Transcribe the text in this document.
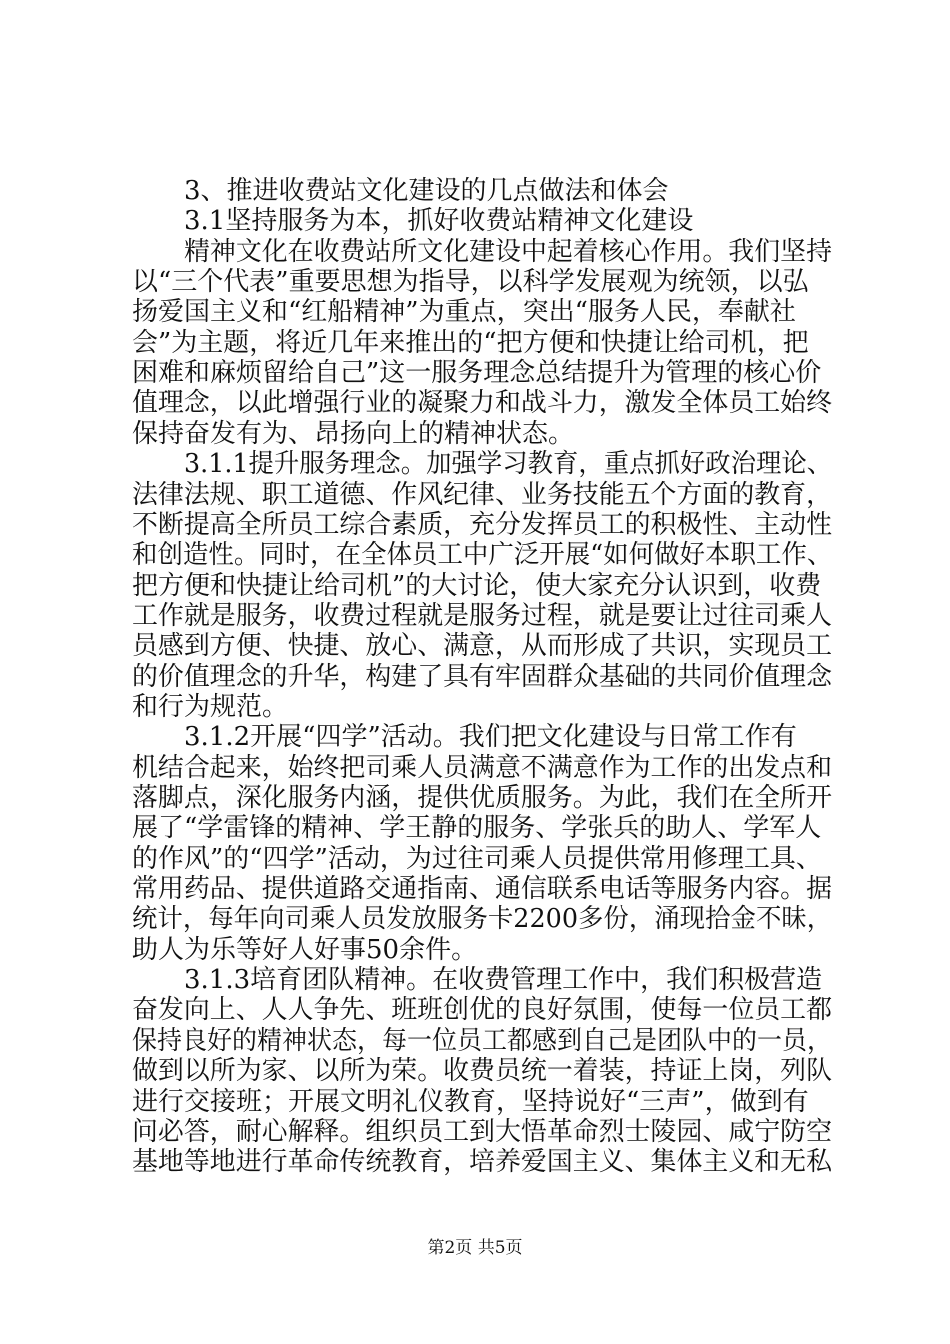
3、推进收费站文化建设的几点做法和体会
3.1坚持服务为本，抓好收费站精神文化建设
精神文化在收费站所文化建设中起着核心作用。我们坚持
以“三个代表”重要思想为指导，以科学发展观为统领，以弘
扬爱国主义和“红船精神”为重点，突出“服务人民，奉献社
会”为主题，将近几年来推出的“把方便和快捷让给司机，把
困难和麻烦留给自己”这一服务理念总结提升为管理的核心价
值理念，以此增强行业的凝聚力和战斗力，激发全体员工始终
保持奋发有为、昂扬向上的精神状态。
3.1.1提升服务理念。加强学习教育，重点抓好政治理论、
法律法规、职工道德、作风纪律、业务技能五个方面的教育，
不断提高全所员工综合素质，充分发挥员工的积极性、主动性
和创造性。同时，在全体员工中广泛开展“如何做好本职工作、
把方便和快捷让给司机”的大讨论，使大家充分认识到，收费
工作就是服务，收费过程就是服务过程，就是要让过往司乘人
员感到方便、快捷、放心、满意，从而形成了共识，实现员工
的价值理念的升华，构建了具有牢固群众基础的共同价值理念
和行为规范。
3.1.2开展“四学”活动。我们把文化建设与日常工作有
机结合起来，始终把司乘人员满意不满意作为工作的出发点和
落脚点，深化服务内涵，提供优质服务。为此，我们在全所开
展了“学雷锋的精神、学王静的服务、学张兵的助人、学军人
的作风”的“四学”活动，为过往司乘人员提供常用修理工具、
常用药品、提供道路交通指南、通信联系电话等服务内容。据
统计，每年向司乘人员发放服务卡2200多份，涌现拾金不昧，
助人为乐等好人好事50余件。
3.1.3培育团队精神。在收费管理工作中，我们积极营造
奋发向上、人人争先、班班创优的良好氛围，使每一位员工都
保持良好的精神状态，每一位员工都感到自己是团队中的一员，
做到以所为家、以所为荣。收费员统一着装，持证上岗，列队
进行交接班；开展文明礼仪教育，坚持说好“三声”，做到有
问必答，耐心解释。组织员工到大悟革命烈士陵园、咸宁防空
基地等地进行革命传统教育，培养爱国主义、集体主义和无私
第2页 共5页
